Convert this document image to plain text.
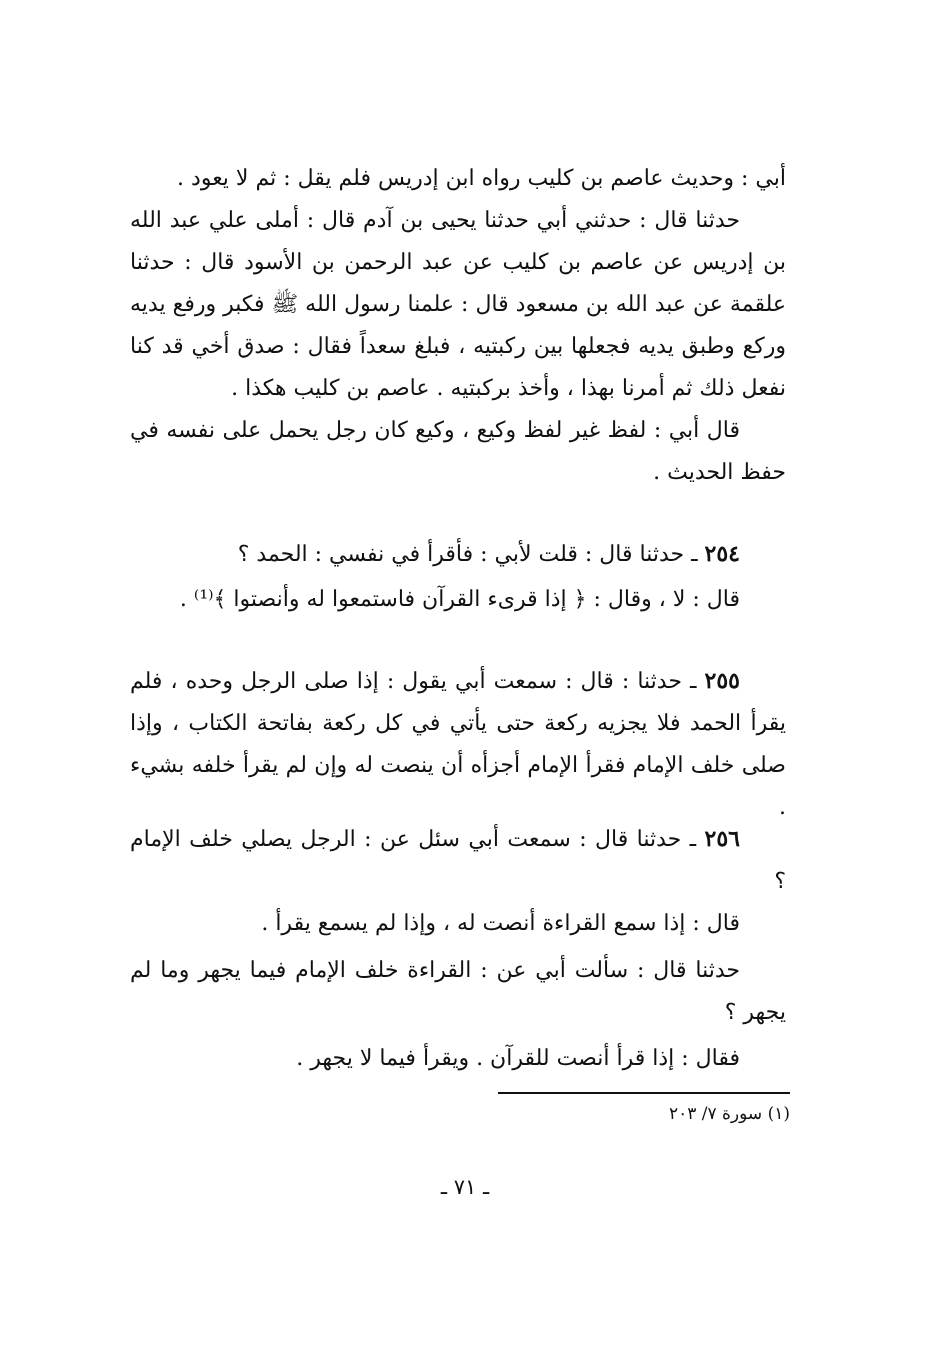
أبي : وحديث عاصم بن كليب رواه ابن إدريس فلم يقل : ثم لا يعود .
حدثنا قال : حدثني أبي حدثنا يحيى بن آدم قال : أملى علي عبد الله بن إدريس عن عاصم بن كليب عن عبد الرحمن بن الأسود قال : حدثنا علقمة عن عبد الله بن مسعود قال : علمنا رسول الله ﷺ فكبر ورفع يديه وركع وطبق يديه فجعلها بين ركبتيه ، فبلغ سعداً فقال : صدق أخي قد كنا نفعل ذلك ثم أمرنا بهذا ، وأخذ بركبتيه . عاصم بن كليب هكذا .
قال أبي : لفظ غير لفظ وكيع ، وكيع كان رجل يحمل على نفسه في حفظ الحديث .
٢٥٤ ـ حدثنا قال : قلت لأبي : فأقرأ في نفسي : الحمد ؟
قال : لا ، وقال : ﴿ إذا قرىء القرآن فاستمعوا له وأنصتوا ﴾⁽¹⁾ .
٢٥٥ ـ حدثنا : قال : سمعت أبي يقول : إذا صلى الرجل وحده ، فلم يقرأ الحمد فلا يجزيه ركعة حتى يأتي في كل ركعة بفاتحة الكتاب ، وإذا صلى خلف الإمام فقرأ الإمام أجزأه أن ينصت له وإن لم يقرأ خلفه بشيء .
٢٥٦ ـ حدثنا قال : سمعت أبي سئل عن : الرجل يصلي خلف الإمام ؟
قال : إذا سمع القراءة أنصت له ، وإذا لم يسمع يقرأ .
حدثنا قال : سألت أبي عن : القراءة خلف الإمام فيما يجهر وما لم يجهر ؟
فقال : إذا قرأ أنصت للقرآن . ويقرأ فيما لا يجهر .
(١) سورة ٧/ ٢٠٣
ـ ٧١ ـ
